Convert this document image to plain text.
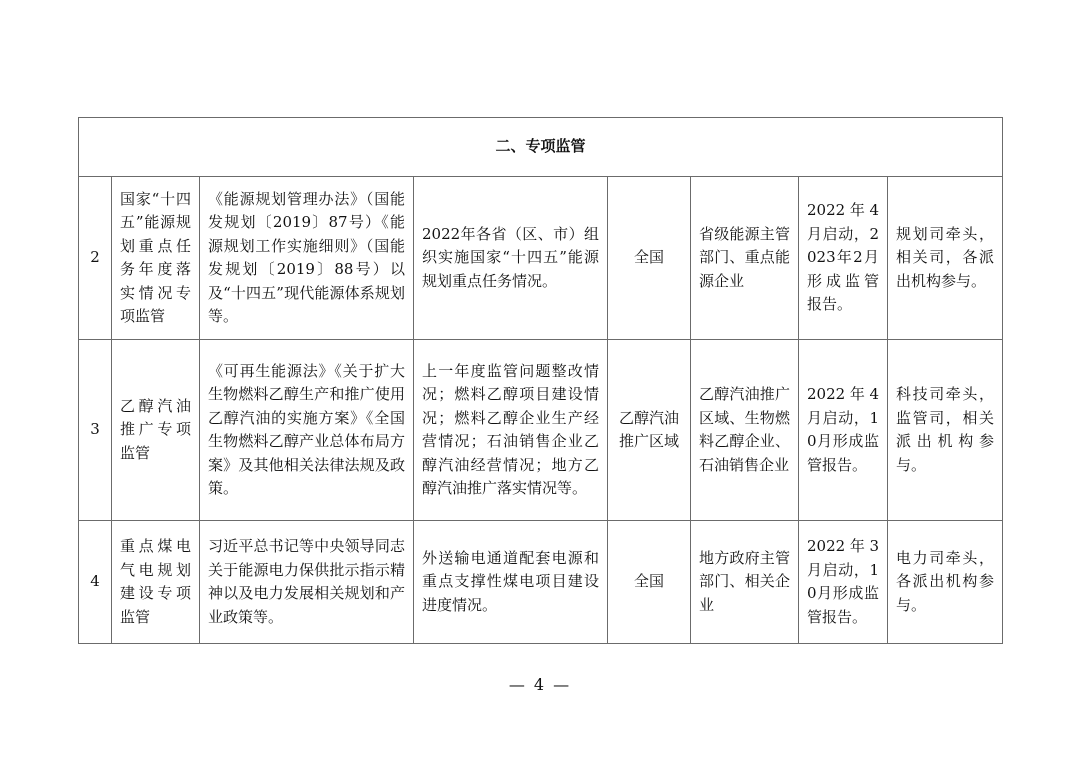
二、专项监管							
2	国家“十四五”能源规划重点任务年度落实情况专项监管	《能源规划管理办法》（国能发规划〔2019〕87号）《能源规划工作实施细则》（国能发规划〔2019〕88号）以及“十四五”现代能源体系规划等。	2022年各省（区、市）组织实施国家“十四五”能源规划重点任务情况。	全国	省级能源主管部门、重点能源企业	2022年4月启动，2023年2月形成监管报告。	规划司牵头，相关司，各派出机构参与。
3	乙醇汽油推广专项监管	《可再生能源法》《关于扩大生物燃料乙醇生产和推广使用乙醇汽油的实施方案》《全国生物燃料乙醇产业总体布局方案》及其他相关法律法规及政策。	上一年度监管问题整改情况；燃料乙醇项目建设情况；燃料乙醇企业生产经营情况；石油销售企业乙醇汽油经营情况；地方乙醇汽油推广落实情况等。	乙醇汽油推广区域	乙醇汽油推广区域、生物燃料乙醇企业、石油销售企业	2022年4月启动，10月形成监管报告。	科技司牵头，监管司，相关派出机构参与。
4	重点煤电气电规划建设专项监管	习近平总书记等中央领导同志关于能源电力保供批示指示精神以及电力发展相关规划和产业政策等。	外送输电通道配套电源和重点支撑性煤电项目建设进度情况。	全国	地方政府主管部门、相关企业	2022年3月启动，10月形成监管报告。	电力司牵头，各派出机构参与。
— 4 —
